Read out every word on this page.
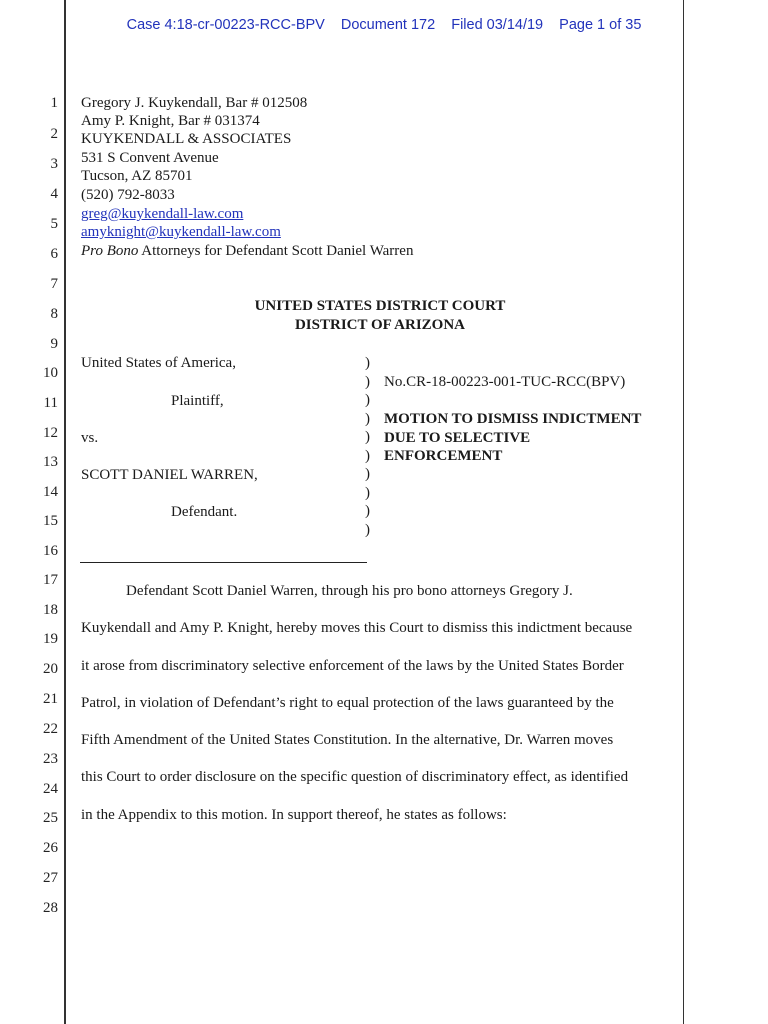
Case 4:18-cr-00223-RCC-BPV Document 172 Filed 03/14/19 Page 1 of 35
1
2
3
4
5
6
7
8
9
10
11
12
13
14
15
16
17
18
19
20
21
22
23
24
25
26
27
28
Gregory J. Kuykendall, Bar # 012508
Amy P. Knight, Bar # 031374
KUYKENDALL & ASSOCIATES
531 S Convent Avenue
Tucson, AZ 85701
(520) 792-8033
greg@kuykendall-law.com
amyknight@kuykendall-law.com
Pro Bono Attorneys for Defendant Scott Daniel Warren
UNITED STATES DISTRICT COURT
DISTRICT OF ARIZONA
United States of America,
Plaintiff,
vs.
SCOTT DANIEL WARREN,
Defendant.
)
)
)
)
)
)
)
)
)
)
No.CR-18-00223-001-TUC-RCC(BPV)
MOTION TO DISMISS INDICTMENT
DUE TO SELECTIVE
ENFORCEMENT
Defendant Scott Daniel Warren, through his pro bono attorneys Gregory J.
Kuykendall and Amy P. Knight, hereby moves this Court to dismiss this indictment because
it arose from discriminatory selective enforcement of the laws by the United States Border
Patrol, in violation of Defendant’s right to equal protection of the laws guaranteed by the
Fifth Amendment of the United States Constitution. In the alternative, Dr. Warren moves
this Court to order disclosure on the specific question of discriminatory effect, as identified
in the Appendix to this motion. In support thereof, he states as follows:
